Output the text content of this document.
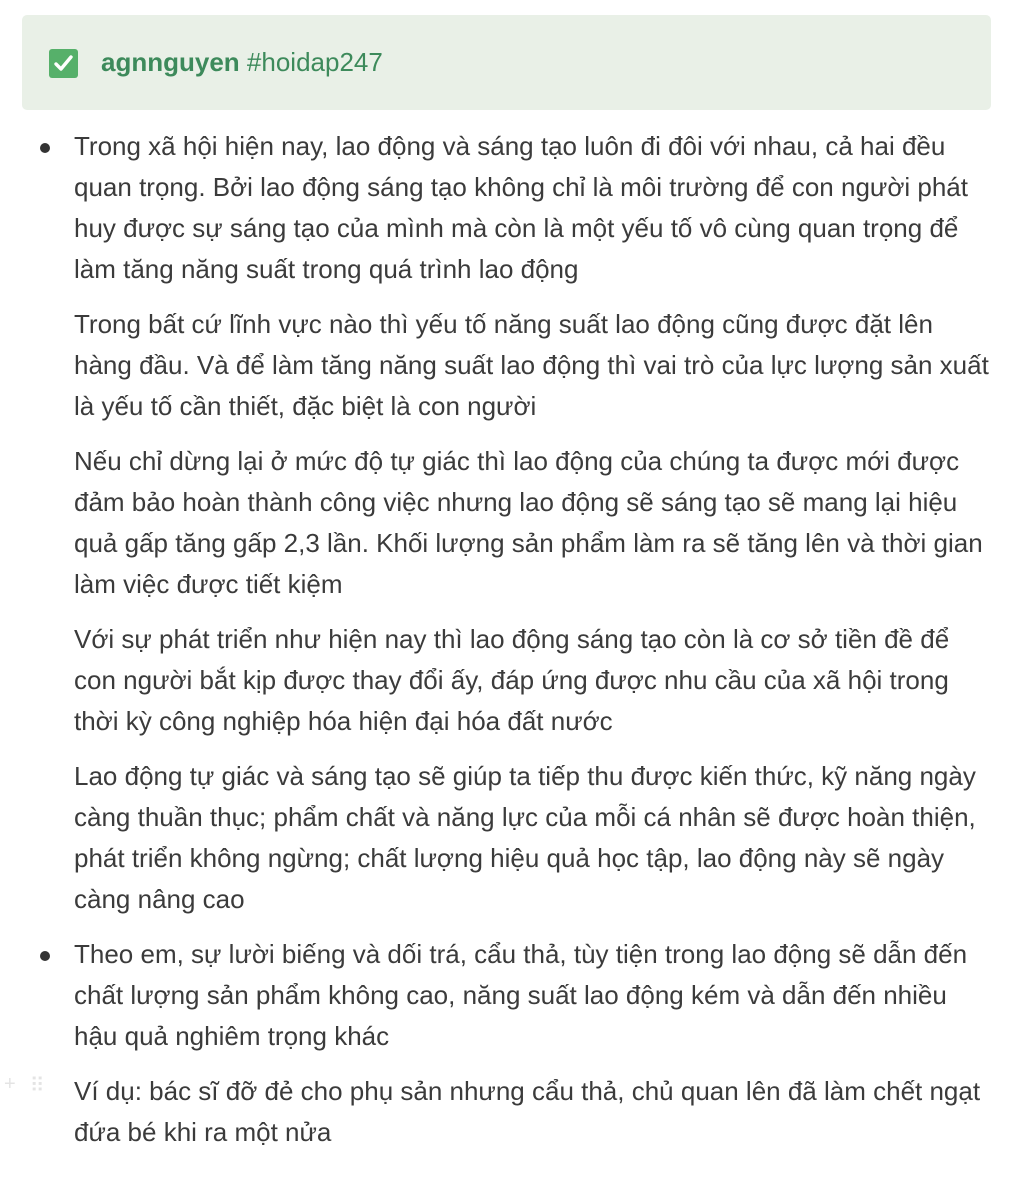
agnnguyen #hoidap247

Trong xã hội hiện nay, lao động và sáng tạo luôn đi đôi với nhau, cả hai đều quan trọng. Bởi lao động sáng tạo không chỉ là môi trường để con người phát huy được sự sáng tạo của mình mà còn là một yếu tố vô cùng quan trọng để làm tăng năng suất trong quá trình lao động

Trong bất cứ lĩnh vực nào thì yếu tố năng suất lao động cũng được đặt lên hàng đầu. Và để làm tăng năng suất lao động thì vai trò của lực lượng sản xuất là yếu tố cần thiết, đặc biệt là con người

Nếu chỉ dừng lại ở mức độ tự giác thì lao động của chúng ta được mới được đảm bảo hoàn thành công việc nhưng lao động sẽ sáng tạo sẽ mang lại hiệu quả gấp tăng gấp 2,3 lần. Khối lượng sản phẩm làm ra sẽ tăng lên và thời gian làm việc được tiết kiệm

Với sự phát triển như hiện nay thì lao động sáng tạo còn là cơ sở tiền đề để con người bắt kịp được thay đổi ấy, đáp ứng được nhu cầu của xã hội trong thời kỳ công nghiệp hóa hiện đại hóa đất nước

Lao động tự giác và sáng tạo sẽ giúp ta tiếp thu được kiến thức, kỹ năng ngày càng thuần thục; phẩm chất và năng lực của mỗi cá nhân sẽ được hoàn thiện, phát triển không ngừng; chất lượng hiệu quả học tập, lao động này sẽ ngày càng nâng cao

Theo em, sự lười biếng và dối trá, cẩu thả, tùy tiện trong lao động sẽ dẫn đến chất lượng sản phẩm không cao, năng suất lao động kém và dẫn đến nhiều hậu quả nghiêm trọng khác

Ví dụ: bác sĩ đỡ đẻ cho phụ sản nhưng cẩu thả, chủ quan lên đã làm chết ngạt đứa bé khi ra một nửa

+ ⠿
